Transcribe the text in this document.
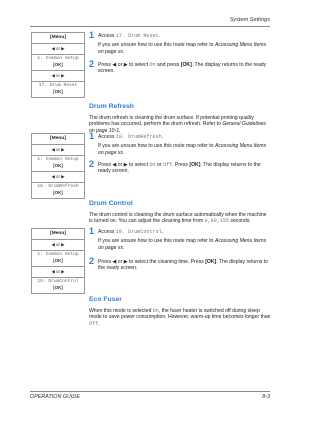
System Settings
[Menu]
◀ or ▶
1. Common Setup
[OK]
◀ or ▶
17. Drum Reset
[OK]
1 Access 17. Drum Reset.
If you are unsure how to use this route map refer to Accessing Menu Items on page xx.
2 Press ◀ or ▶ to select On and press [OK]. The display returns to the ready screen.
Drum Refresh
The drum refresh is cleaning the drum surface. If potential printing quality problems has occurred, perform the drum refresh. Refer to General Guidelines on page 10-1.
[Menu]
◀ or ▶
1. Common Setup
[OK]
◀ or ▶
18. DrumRefresh
[OK]
1 Access 18. DrumRefresh.
If you are unsure how to use this route map refer to Accessing Menu Items on page xx.
2 Press ◀ or ▶ to select On or Off. Press [OK]. The display returns to the ready screen.
Drum Control
The drum control is cleaning the drum surface automatically when the machine is turned on. You can adjust the cleaning time from 0,90,155 seconds.
[Menu]
◀ or ▶
1. Common Setup
[OK]
◀ or ▶
19. DrumControl
[OK]
1 Access 19. DrumControl.
If you are unsure how to use this route map refer to Accessing Menu Items on page xx.
2 Press ◀ or ▶ to select the cleaning time. Press [OK]. The display returns to the ready screen.
Eco Fuser
When this mode is selected On, the fuser heater is switched off during sleep mode to save power consumption. However, warm-up time becomes longer than Off.
OPERATION GUIDE	8-3
